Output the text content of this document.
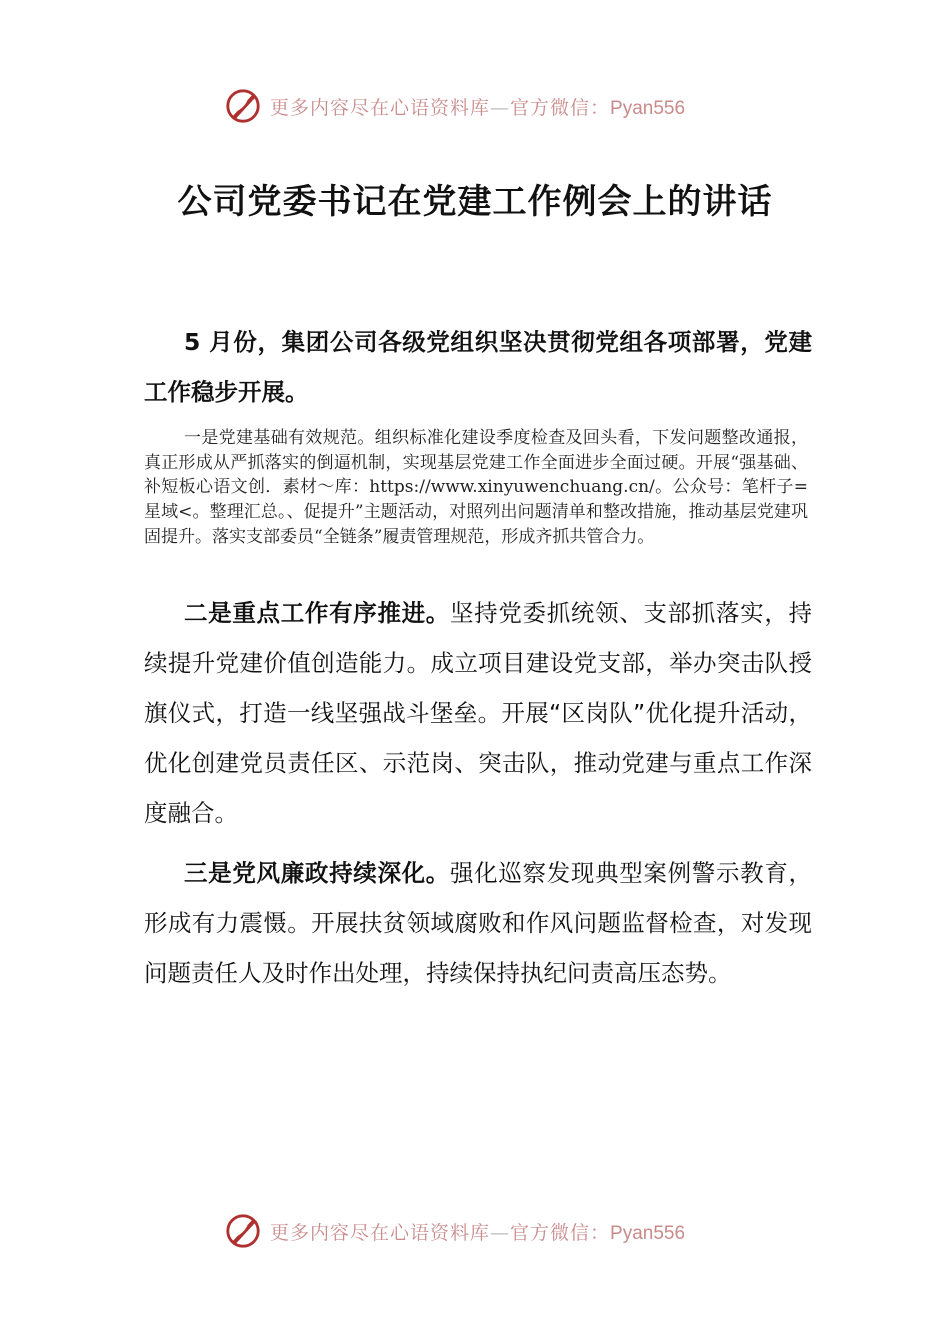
更多内容尽在心语资料库—官方微信：Pyan556
公司党委书记在党建工作例会上的讲话

5 月份，集团公司各级党组织坚决贯彻党组各项部署，党建工作稳步开展。

一是党建基础有效规范。组织标准化建设季度检查及回头看，下发问题整改通报，真正形成从严抓落实的倒逼机制，实现基层党建工作全面进步全面过硬。开展“强基础、补短板心语文创．素材～库：https://www.xinyuwenchuang.cn/。公众号：笔杆子=星域<。整理汇总。、促提升”主题活动，对照列出问题清单和整改措施，推动基层党建巩固提升。落实支部委员“全链条”履责管理规范，形成齐抓共管合力。

二是重点工作有序推进。坚持党委抓统领、支部抓落实，持续提升党建价值创造能力。成立项目建设党支部，举办突击队授旗仪式，打造一线坚强战斗堡垒。开展“区岗队”优化提升活动，优化创建党员责任区、示范岗、突击队，推动党建与重点工作深度融合。

三是党风廉政持续深化。强化巡察发现典型案例警示教育，形成有力震慑。开展扶贫领域腐败和作风问题监督检查，对发现问题责任人及时作出处理，持续保持执纪问责高压态势。

更多内容尽在心语资料库—官方微信：Pyan556
